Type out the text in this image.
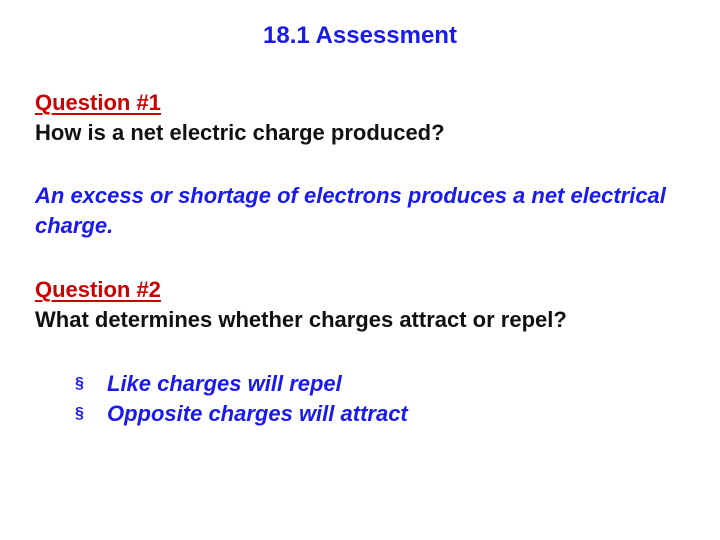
18.1 Assessment
Question #1
How is a net electric charge produced?
An excess or shortage of electrons produces a net electrical charge.
Question #2
What determines whether charges attract or repel?
§	Like charges will repel
§	Opposite charges will attract
